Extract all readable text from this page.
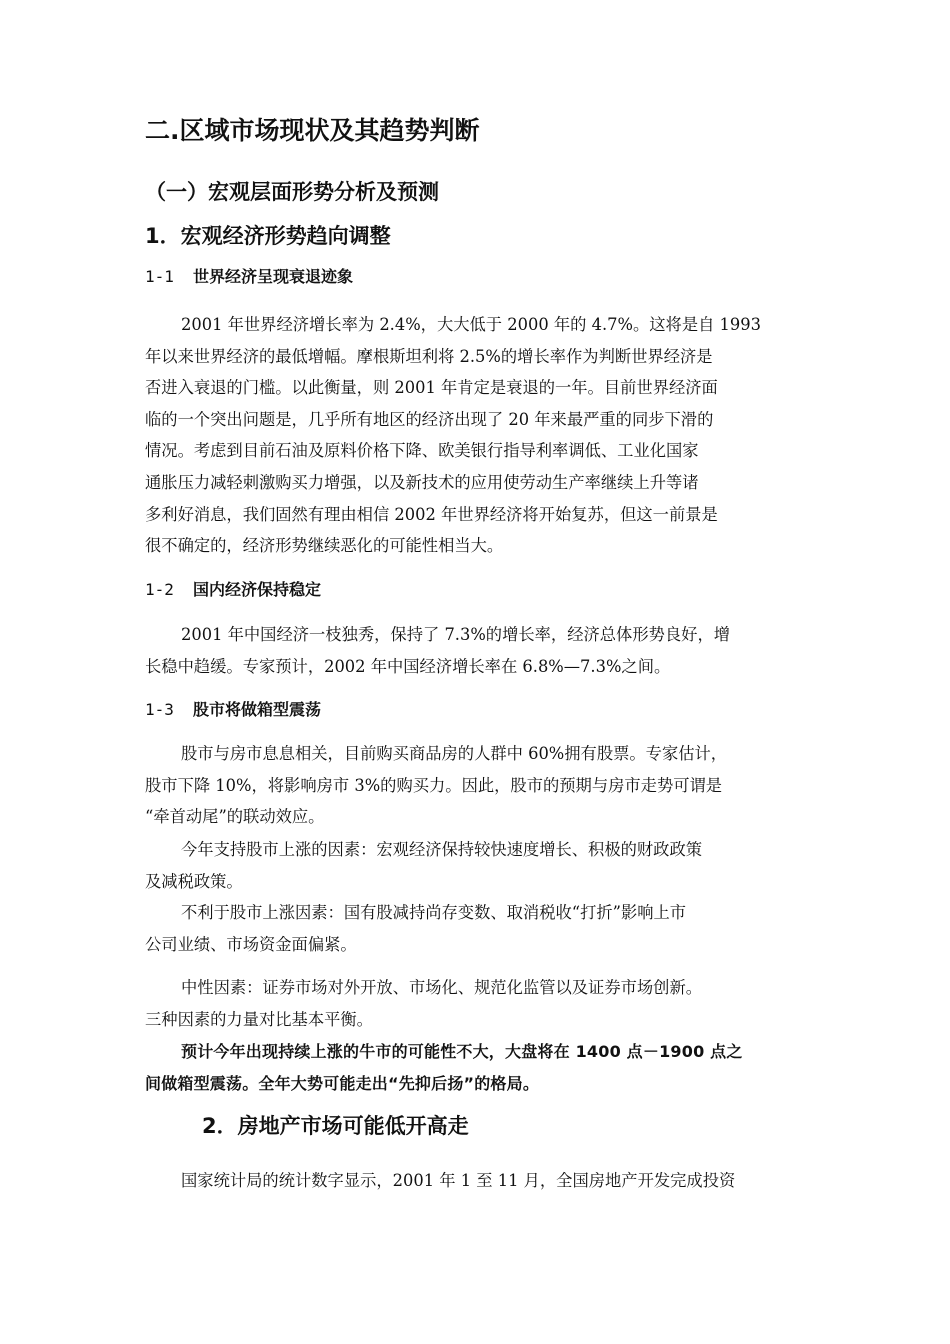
二.区域市场现状及其趋势判断
（一）宏观层面形势分析及预测
1．宏观经济形势趋向调整
1-1 世界经济呈现衰退迹象
2001 年世界经济增长率为 2.4%，大大低于 2000 年的 4.7%。这将是自 1993
年以来世界经济的最低增幅。摩根斯坦利将 2.5%的增长率作为判断世界经济是
否进入衰退的门槛。以此衡量，则 2001 年肯定是衰退的一年。目前世界经济面
临的一个突出问题是，几乎所有地区的经济出现了 20 年来最严重的同步下滑的
情况。考虑到目前石油及原料价格下降、欧美银行指导利率调低、工业化国家
通胀压力减轻刺激购买力增强，以及新技术的应用使劳动生产率继续上升等诸
多利好消息，我们固然有理由相信 2002 年世界经济将开始复苏，但这一前景是
很不确定的，经济形势继续恶化的可能性相当大。
1-2 国内经济保持稳定
2001 年中国经济一枝独秀，保持了 7.3%的增长率，经济总体形势良好，增
长稳中趋缓。专家预计，2002 年中国经济增长率在 6.8%—7.3%之间。
1-3 股市将做箱型震荡
股市与房市息息相关，目前购买商品房的人群中 60%拥有股票。专家估计，
股市下降 10%，将影响房市 3%的购买力。因此，股市的预期与房市走势可谓是
“牵首动尾”的联动效应。
今年支持股市上涨的因素：宏观经济保持较快速度增长、积极的财政政策
及减税政策。
不利于股市上涨因素：国有股减持尚存变数、取消税收“打折”影响上市
公司业绩、市场资金面偏紧。
中性因素：证券市场对外开放、市场化、规范化监管以及证券市场创新。
三种因素的力量对比基本平衡。
预计今年出现持续上涨的牛市的可能性不大，大盘将在 1400 点－1900 点之
间做箱型震荡。全年大势可能走出“先抑后扬”的格局。
2．房地产市场可能低开高走
国家统计局的统计数字显示，2001 年 1 至 11 月，全国房地产开发完成投资
